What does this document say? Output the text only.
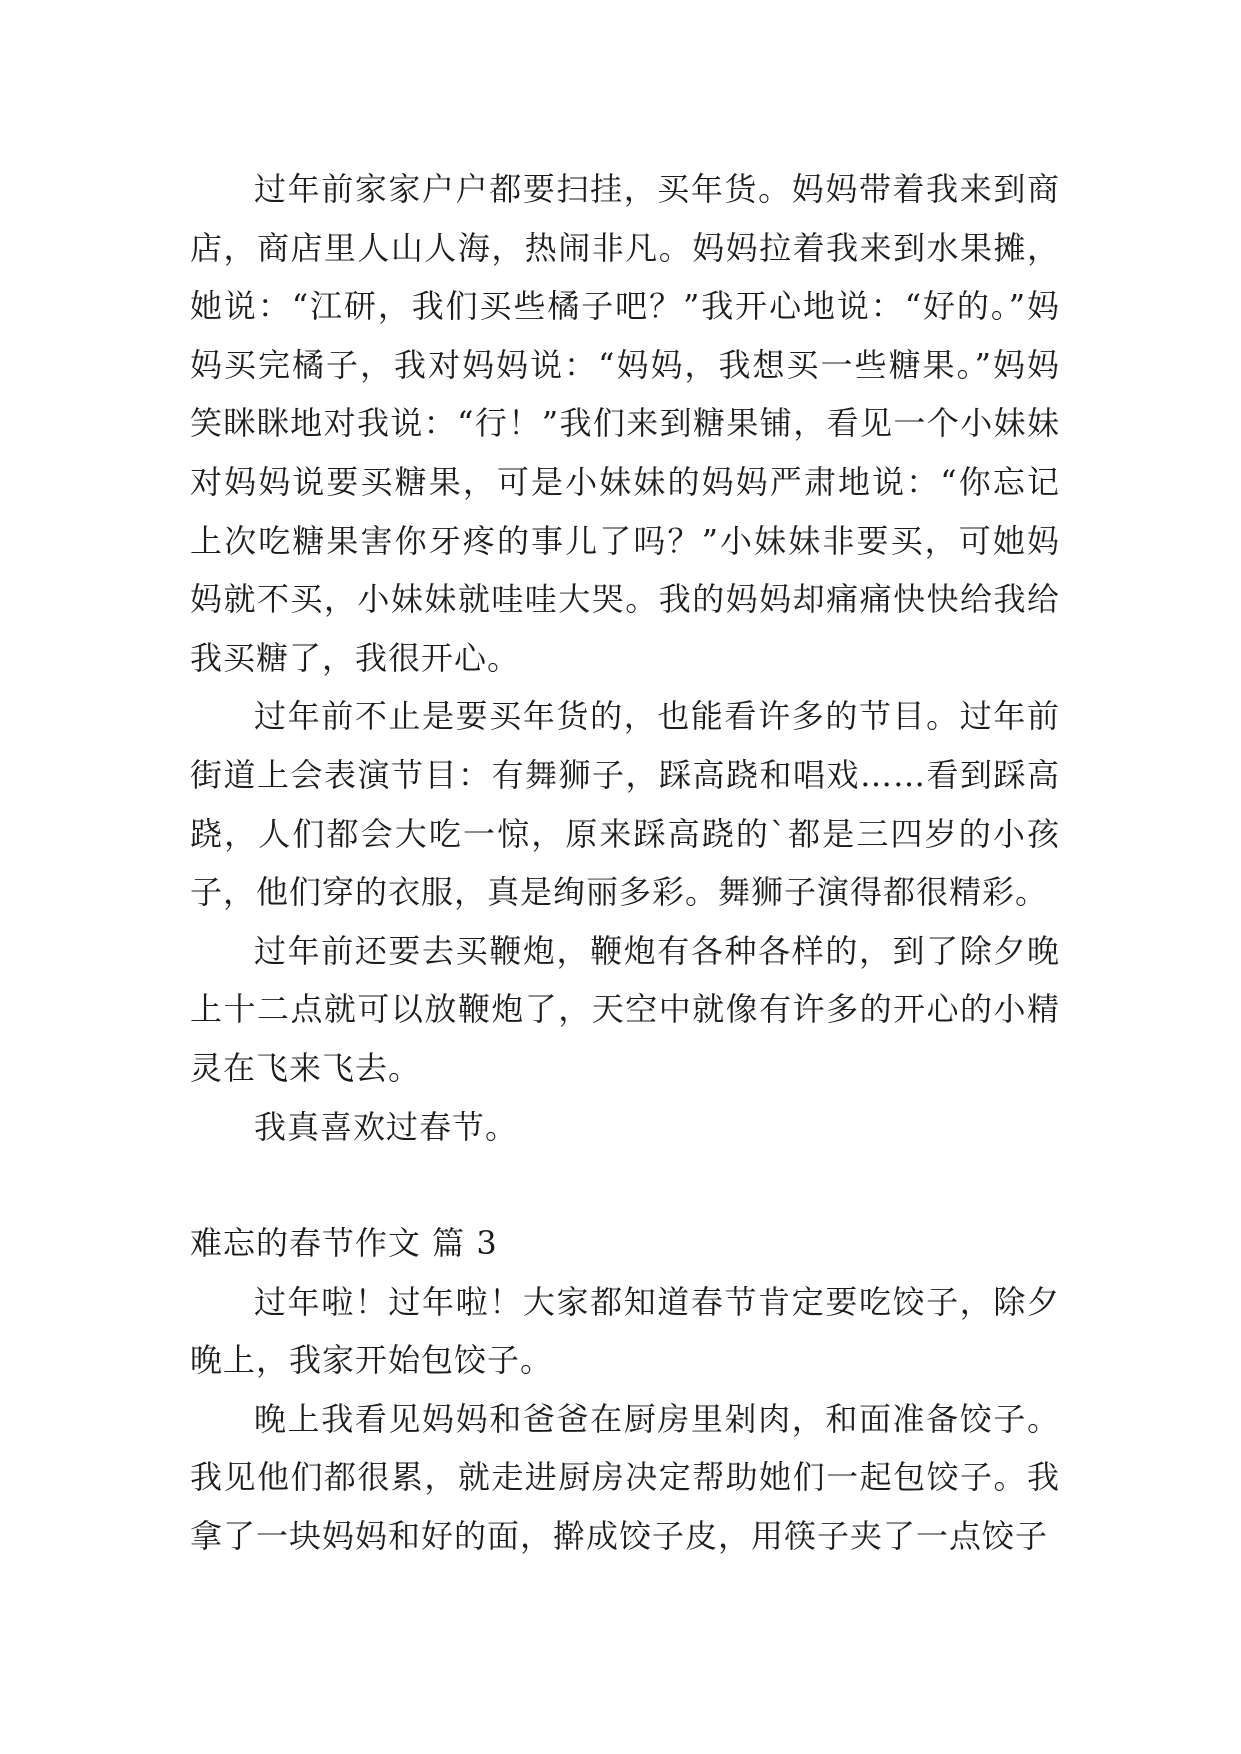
过年前家家户户都要扫挂，买年货。妈妈带着我来到商店，商店里人山人海，热闹非凡。妈妈拉着我来到水果摊，她说：“江研，我们买些橘子吧？”我开心地说：“好的。”妈妈买完橘子，我对妈妈说：“妈妈，我想买一些糖果。”妈妈笑眯眯地对我说：“行！”我们来到糖果铺，看见一个小妹妹对妈妈说要买糖果，可是小妹妹的妈妈严肃地说：“你忘记上次吃糖果害你牙疼的事儿了吗？”小妹妹非要买，可她妈妈就不买，小妹妹就哇哇大哭。我的妈妈却痛痛快快给我给我买糖了，我很开心。

过年前不止是要买年货的，也能看许多的节目。过年前街道上会表演节目：有舞狮子，踩高跷和唱戏……看到踩高跷，人们都会大吃一惊，原来踩高跷的`都是三四岁的小孩子，他们穿的衣服，真是绚丽多彩。舞狮子演得都很精彩。

过年前还要去买鞭炮，鞭炮有各种各样的，到了除夕晚上十二点就可以放鞭炮了，天空中就像有许多的开心的小精灵在飞来飞去。

我真喜欢过春节。

难忘的春节作文 篇 3

过年啦！过年啦！大家都知道春节肯定要吃饺子，除夕晚上，我家开始包饺子。

晚上我看见妈妈和爸爸在厨房里剁肉，和面准备饺子。我见他们都很累，就走进厨房决定帮助她们一起包饺子。我拿了一块妈妈和好的面，擀成饺子皮，用筷子夹了一点饺子
